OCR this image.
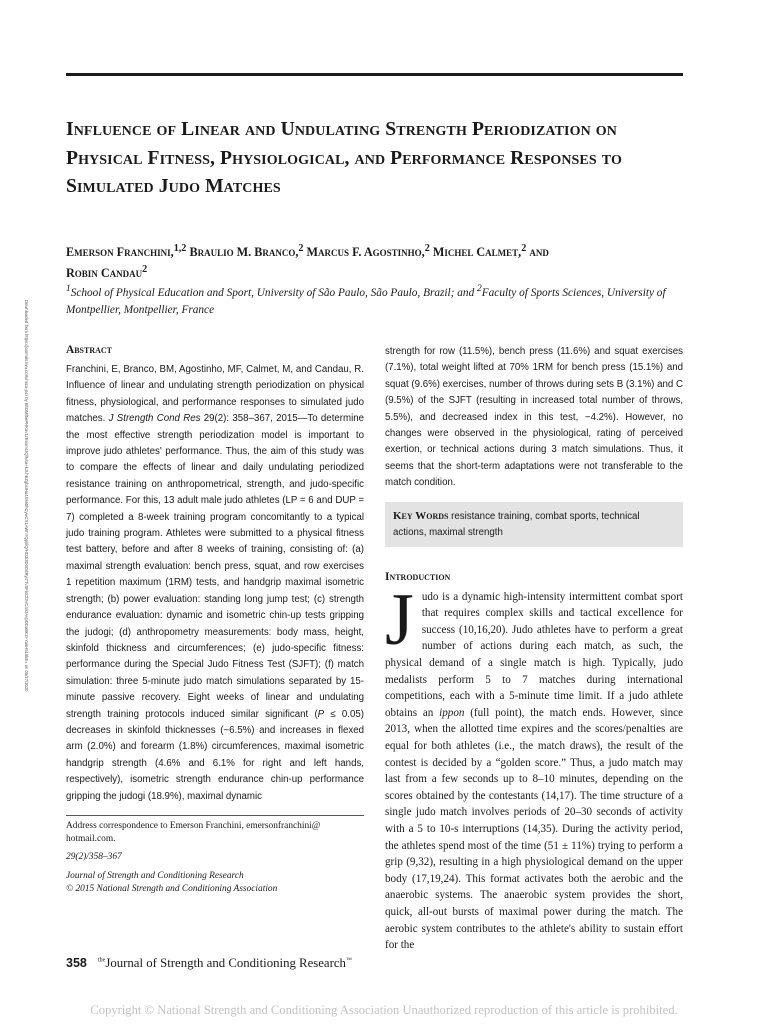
Influence of Linear and Undulating Strength Periodization on Physical Fitness, Physiological, and Performance Responses to Simulated Judo Matches

Emerson Franchini,$^{1,2}$ Braulio M. Branco,$^2$ Marcus F. Agostinho,$^2$ Michel Calmet,$^2$ and
Robin Candau$^2$

$^1$School of Physical Education and Sport, University of São Paulo, São Paulo, Brazil; and $^2$Faculty of Sports Sciences, University of Montpellier, Montpellier, France

Downloaded from https://journals.lww.com/nsca-jscr by BhDMf5ePHKav1zEoum1tQfN4a+kJLhEZgbsIHo4XMi0hCywCX1AWnYQp/IlQrHD3i3D0OdRyi7TvSFl4Cf3VC4/OAVpDDa8K2+Ya6H515kE= on 05/27/2020	Abstract

Franchini, E, Branco, BM, Agostinho, MF, Calmet, M, and Candau, R. Influence of linear and undulating strength periodization on physical fitness, physiological, and performance responses to simulated judo matches. J Strength Cond Res 29(2): 358–367, 2015—To determine the most effective strength periodization model is important to improve judo athletes' performance. Thus, the aim of this study was to compare the effects of linear and daily undulating periodized resistance training on anthropometrical, strength, and judo-specific performance. For this, 13 adult male judo athletes (LP = 6 and DUP = 7) completed a 8-week training program concomitantly to a typical judo training program. Athletes were submitted to a physical fitness test battery, before and after 8 weeks of training, consisting of: (a) maximal strength evaluation: bench press, squat, and row exercises 1 repetition maximum (1RM) tests, and handgrip maximal isometric strength; (b) power evaluation: standing long jump test; (c) strength endurance evaluation: dynamic and isometric chin-up tests gripping the judogi; (d) anthropometry measurements: body mass, height, skinfold thickness and circumferences; (e) judo-specific fitness: performance during the Special Judo Fitness Test (SJFT); (f) match simulation: three 5-minute judo match simulations separated by 15-minute passive recovery. Eight weeks of linear and undulating strength training protocols induced similar significant (P ≤ 0.05) decreases in skinfold thicknesses (−6.5%) and increases in flexed arm (2.0%) and forearm (1.8%) circumferences, maximal isometric handgrip strength (4.6% and 6.1% for right and left hands, respectively), isometric strength endurance chin-up performance gripping the judogi (18.9%), maximal dynamic

Address correspondence to Emerson Franchini, emersonfranchini@ hotmail.com.

29(2)/358–367

Journal of Strength and Conditioning Research

© 2015 National Strength and Conditioning Association

strength for row (11.5%), bench press (11.6%) and squat exercises (7.1%), total weight lifted at 70% 1RM for bench press (15.1%) and squat (9.6%) exercises, number of throws during sets B (3.1%) and C (9.5%) of the SJFT (resulting in increased total number of throws, 5.5%), and decreased index in this test, −4.2%). However, no changes were observed in the physiological, rating of perceived exertion, or technical actions during 3 match simulations. Thus, it seems that the short-term adaptations were not transferable to the match condition.

Key Words resistance training, combat sports, technical actions, maximal strength

Introduction

Judo is a dynamic high-intensity intermittent combat sport that requires complex skills and tactical excellence for success (10,16,20). Judo athletes have to perform a great number of actions during each match, as such, the physical demand of a single match is high. Typically, judo medalists perform 5 to 7 matches during international competitions, each with a 5-minute time limit. If a judo athlete obtains an ippon (full point), the match ends. However, since 2013, when the allotted time expires and the scores/penalties are equal for both athletes (i.e., the match draws), the result of the contest is decided by a “golden score.” Thus, a judo match may last from a few seconds up to 8–10 minutes, depending on the scores obtained by the contestants (14,17). The time structure of a single judo match involves periods of 20–30 seconds of activity with a 5 to 10-s interruptions (14,35). During the activity period, the athletes spend most of the time (51 ± 11%) trying to perform a grip (9,32), resulting in a high physiological demand on the upper body (17,19,24). This format activates both the aerobic and the anaerobic systems. The anaerobic system provides the short, quick, all-out bursts of maximal power during the match. The aerobic system contributes to the athlete's ability to sustain effort for the

358 $^{the}$Journal of Strength and Conditioning Research™

Copyright © National Strength and Conditioning Association Unauthorized reproduction of this article is prohibited.
